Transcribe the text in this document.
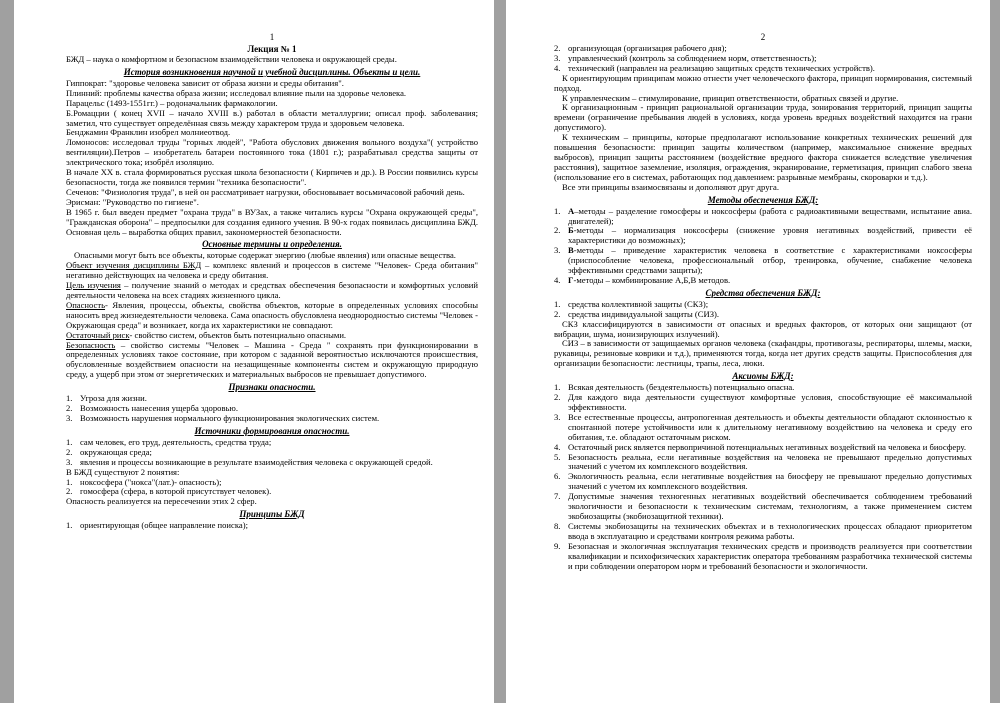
1

Лекция № 1

БЖД – наука о комфортном и безопасном взаимодействии человека и окружающей среды.

История возникновения научной и учебной дисциплины. Объекты и цели.

Гиппократ: "здоровье человека зависит от образа жизни и среды обитания".

Плинний: проблемы качества образа жизни; исследовал влияние пыли на здоровье человека.

Парацельс (1493-1551гг.) – родоначальник фармакологии.

Б.Ромацции ( конец XVII – начало XVIII в.) работал в области металлургии; описал проф. заболевания; заметил, что существует определённая связь между характером труда и здоровьем человека.

Бенджамин Франклин изобрел молниеотвод.

Ломоносов: исследовал труды "горных людей", "Работа обуслових движения вольного воздуха"( устройство вентиляции).Петров – изобретатель батареи постоянного тока (1801 г.); разрабатывал средства защиты от электрического тока; изобрёл изоляцию.

В начале XX в. стала формироваться русская школа безопасности ( Кирпичев и др.). В России появились курсы безопасности, тогда же появился термин "техника безопасности".

Сеченов: "Физиология труда", в ней он рассматривает нагрузки, обосновывает восьмичасовой рабочий день.

Эрисман: "Руководство по гигиене".

В 1965 г. был введен предмет "охрана труда" в ВУЗах, а также читались курсы "Охрана окружающей среды", "Гражданская оборона" – предпосылки для создания единого учения. В 90-х годах появилась дисциплина БЖД. Основная цель – выработка общих правил, закономерностей безопасности.

Основные термины и определения.

Опасными могут быть все объекты, которые содержат энергию (любые явления) или опасные вещества.

Объект изучения дисциплины БЖД – комплекс явлений и процессов в системе "Человек- Среда обитания" негативно действующих на человека и среду обитания.

Цель изучения – получение знаний о методах и средствах обеспечения безопасности и комфортных условий деятельности человека на всех стадиях жизненного цикла.

Опасность- Явления, процессы, объекты, свойства объектов, которые в определенных условиях способны наносить вред жизнедеятельности человека. Сама опасность обусловлена неоднородностью системы "Человек - Окружающая среда" и возникает, когда их характеристики не совпадают.

Остаточный риск- свойство систем, объектов быть потенциально опасными.

Безопасность – свойство системы "Человек – Машина - Среда " сохранять при функционировании в определенных условиях такое состояние, при котором с заданной вероятностью исключаются происшествия, обусловленные воздействием опасности на незащищенные компоненты систем и окружающую природную среду, а ущерб при этом от энергетических и материальных выбросов не превышает допустимого.

Признаки опасности.

1. Угроза для жизни.
2. Возможность нанесения ущерба здоровью.
3. Возможность нарушения нормального функционирования экологических систем.

Источники формирования опасности.

1. сам человек, его труд, деятельность, средства труда;
2. окружающая среда;
3. явления и процессы возникающие в результате взаимодействия человека с окружающей средой.

В БЖД существуют 2 понятия:

1. ноксосфера ("нокса"(лат.)- опасность);
2. гомосфера (сфера, в которой присутствует человек).

Опасность реализуется на пересечении этих 2 сфер.

Принципы БЖД

1. ориентирующая (общее направление поиска);
2
2. организующая (организация рабочего дня);
3. управленческий (контроль за соблюдением норм, ответственность);
4. технический (направлен на реализацию защитных средств технических устройств).

К ориентирующим принципам можно отнести учет человеческого фактора, принцип нормирования, системный подход.

К управленческим – стимулирование, принцип ответственности, обратных связей и другие.

К организационным - принцип рациональной организации труда, зонирования территорий, принцип защиты времени (ограничение пребывания людей в условиях, когда уровень вредных воздействий находится на грани допустимого).

К техническим – принципы, которые предполагают использование конкретных технических решений для повышения безопасности: принцип защиты количеством (например, максимальное снижение вредных выбросов), принцип защиты расстоянием (воздействие вредного фактора снижается вследствие увеличения расстояния), защитное заземление, изоляция, ограждения, экранирование, герметизация, принцип слабого звена (использование его в системах, работающих под давлением: разрывные мембраны, скороварки и т.д.).

Все эти принципы взаимосвязаны и дополняют друг друга.

Методы обеспечения БЖД:

1. А–методы – разделение гомосферы и ноксосферы (работа с радиоактивными веществами, испытание авиа. двигателей);
2. Б-методы – нормализация ноксосферы (снижение уровня негативных воздействий, привести её характеристики до возможных);
3. В-методы – приведение характеристик человека в соответствие с характеристиками ноксосферы (приспособление человека, профессиональный отбор, тренировка, обучение, снабжение человека эффективными средствами защиты);
4. Г-методы – комбинирование А,Б,В методов.

Средства обеспечения БЖД:

1. средства коллективной защиты (СКЗ);
2. средства индивидуальной защиты (СИЗ).

СКЗ классифицируются в зависимости от опасных и вредных факторов, от которых они защищают (от вибрации, шума, ионизирующих излучений).

СИЗ – в зависимости от защищаемых органов человека (скафандры, противогазы, респираторы, шлемы, маски, рукавицы, резиновые коврики и т.д.), применяются тогда, когда нет других средств защиты. Приспособления для организации безопасности: лестницы, трапы, леса, люки.

Аксиомы БЖД:

1. Всякая деятельность (бездеятельность) потенциально опасна.
2. Для каждого вида деятельности существуют комфортные условия, способствующие её максимальной эффективности.
3. Все естественные процессы, антропогенная деятельность и объекты деятельности обладают склонностью к спонтанной потере устойчивости или к длительному негативному воздействию на человека и среду его обитания, т.е. обладают остаточным риском.
4. Остаточный риск является первопричиной потенциальных негативных воздействий на человека и биосферу.
5. Безопасность реальна, если негативные воздействия на человека не превышают предельно допустимых значений с учетом их комплексного воздействия.
6. Экологичность реальна, если негативные воздействия на биосферу не превышают предельно допустимых значений с учетом их комплексного воздействия.
7. Допустимые значения техногенных негативных воздействий обеспечивается соблюдением требований экологичности и безопасности к техническим системам, технологиям, а также применением систем экобиозащиты (экобиозащитной техники).
8. Системы экобиозащиты на технических объектах и в технологических процессах обладают приоритетом ввода в эксплуатацию и средствами контроля режима работы.
9. Безопасная и экологичная эксплуатация технических средств и производств реализуется при соответствии квалификации и психофизических характеристик оператора требованиям разработчика технической системы и при соблюдении оператором норм и требований безопасности и экологичности.
